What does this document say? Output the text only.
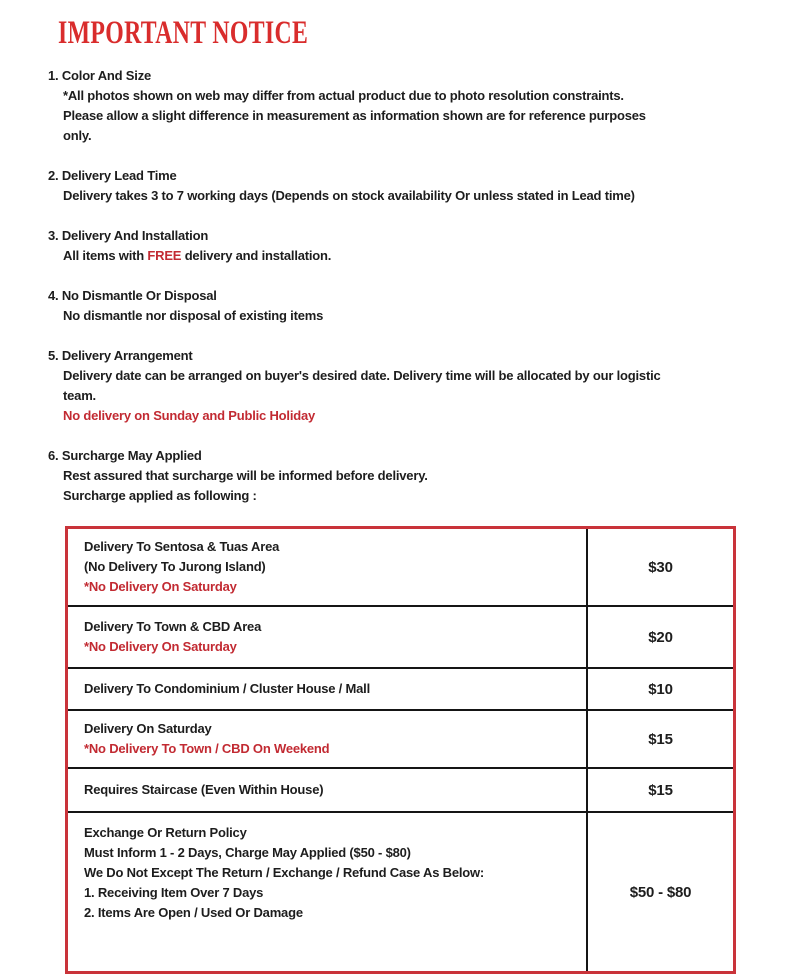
IMPORTANT NOTICE
1. Color And Size
*All photos shown on web may differ from actual product due to photo resolution constraints.
Please allow a slight difference in measurement as information shown are for reference purposes
only.
2. Delivery Lead Time
Delivery takes 3 to 7 working days (Depends on stock availability Or unless stated in Lead time)
3. Delivery And Installation
All items with FREE delivery and installation.
4. No Dismantle Or Disposal
No dismantle nor disposal of existing items
5. Delivery Arrangement
Delivery date can be arranged on buyer's desired date. Delivery time will be allocated by our logistic
team.
No delivery on Sunday and Public Holiday
6. Surcharge May Applied
Rest assured that surcharge will be informed before delivery.
Surcharge applied as following :
Delivery To Sentosa & Tuas Area
(No Delivery To Jurong Island)
*No Delivery On Saturday
$30
Delivery To Town & CBD Area
*No Delivery On Saturday
$20
Delivery To Condominium / Cluster House / Mall	$10
Delivery On Saturday
*No Delivery To Town / CBD On Weekend
$15
Requires Staircase (Even Within House)	$15
Exchange Or Return Policy
Must Inform 1 - 2 Days, Charge May Applied ($50 - $80)
We Do Not Except The Return / Exchange / Refund Case As Below:
1. Receiving Item Over 7 Days
2. Items Are Open / Used Or Damage
$50 - $80
